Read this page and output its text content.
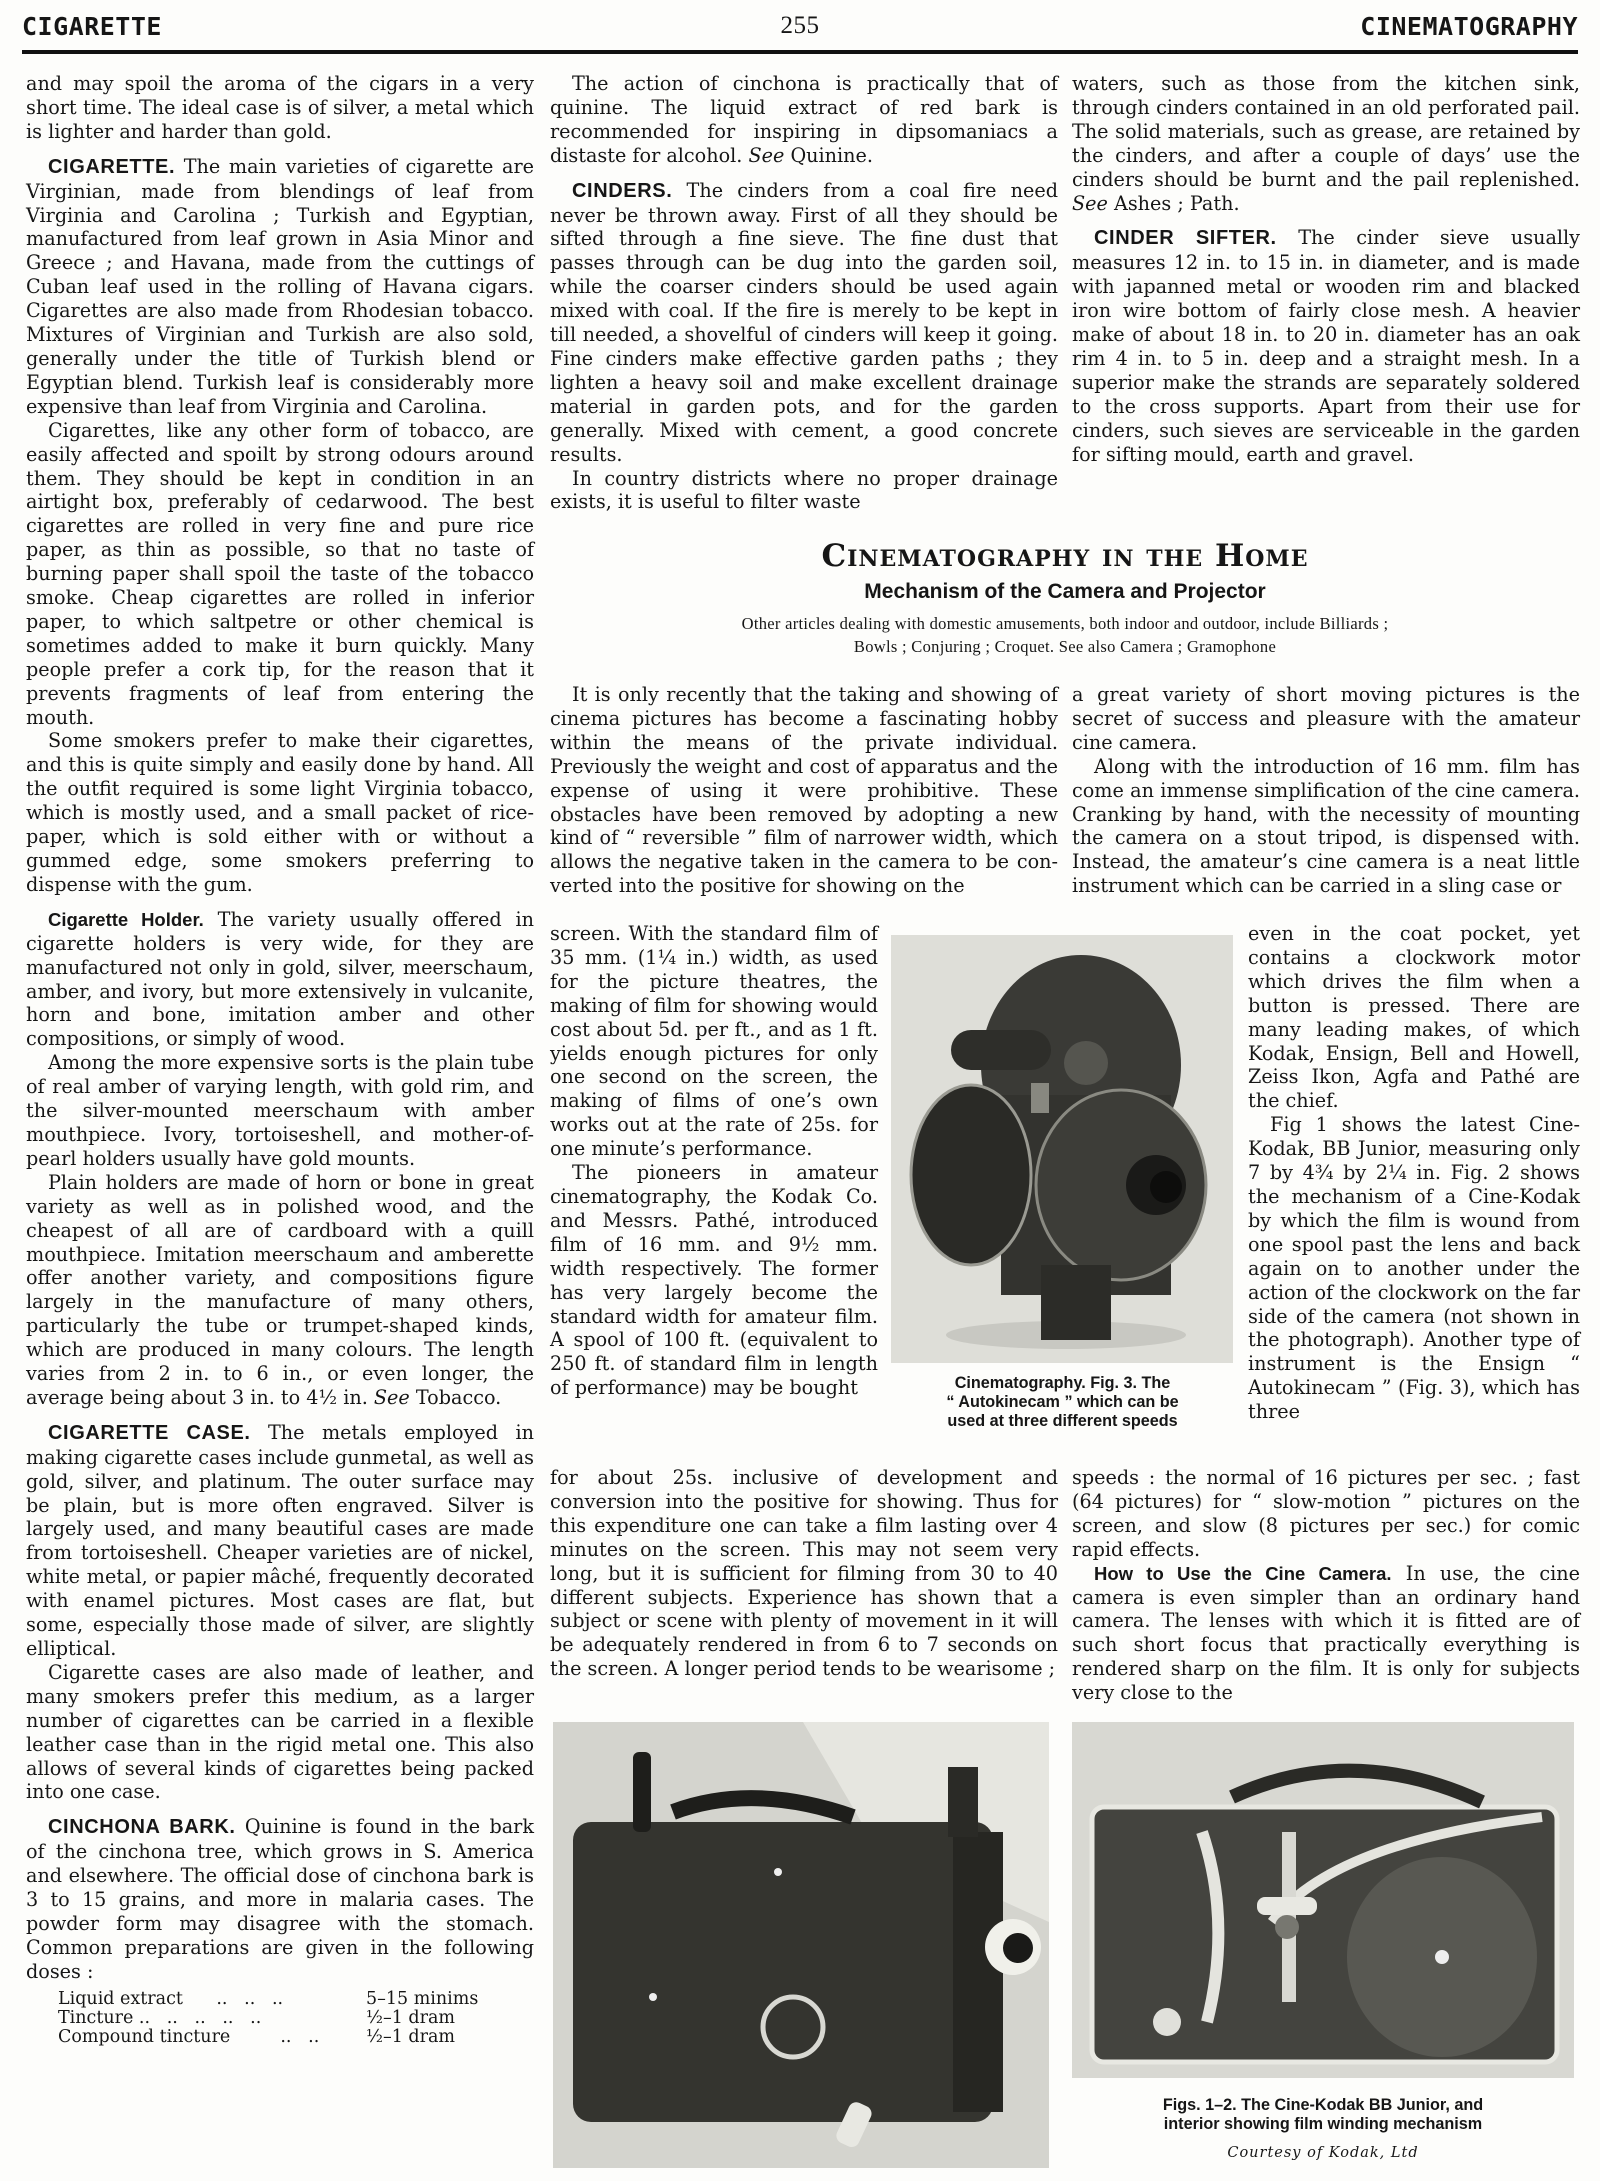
CIGARETTE	255	CINEMATOGRAPHY

and may spoil the aroma of the cigars in a very short time. The ideal case is of silver, a metal which is lighter and harder than gold.

CIGARETTE. The main varieties of cigarette are Virginian, made from blendings of leaf from Virginia and Carolina ; Turkish and Egyptian, manufactured from leaf grown in Asia Minor and Greece ; and Havana, made from the cuttings of Cuban leaf used in the rolling of Havana cigars. Cigarettes are also made from Rhodesian tobacco. Mixtures of Virginian and Turkish are also sold, generally under the title of Turkish blend or Egyptian blend. Turkish leaf is considerably more expensive than leaf from Virginia and Carolina.

Cigarettes, like any other form of tobacco, are easily affected and spoilt by strong odours around them. They should be kept in condition in an airtight box, preferably of cedarwood. The best cigarettes are rolled in very fine and pure rice paper, as thin as possible, so that no taste of burning paper shall spoil the taste of the tobacco smoke. Cheap cigarettes are rolled in inferior paper, to which saltpetre or other chemical is sometimes added to make it burn quickly. Many people prefer a cork tip, for the reason that it prevents fragments of leaf from entering the mouth.

Some smokers prefer to make their cigarettes, and this is quite simply and easily done by hand. All the outfit required is some light Virginia tobacco, which is mostly used, and a small packet of rice-paper, which is sold either with or without a gummed edge, some smokers preferring to dispense with the gum.

Cigarette Holder. The variety usually offered in cigarette holders is very wide, for they are manufactured not only in gold, silver, meerschaum, amber, and ivory, but more extensively in vulcanite, horn and bone, imitation amber and other compositions, or simply of wood.

Among the more expensive sorts is the plain tube of real amber of varying length, with gold rim, and the silver-mounted meerschaum with amber mouthpiece. Ivory, tortoiseshell, and mother-of-pearl holders usually have gold mounts.

Plain holders are made of horn or bone in great variety as well as in polished wood, and the cheapest of all are of cardboard with a quill mouthpiece. Imitation meerschaum and amberette offer another variety, and compositions figure largely in the manufacture of many others, particularly the tube or trumpet-shaped kinds, which are produced in many colours. The length varies from 2 in. to 6 in., or even longer, the average being about 3 in. to 4½ in. See Tobacco.

CIGARETTE CASE. The metals employed in making cigarette cases include gunmetal, as well as gold, silver, and platinum. The outer surface may be plain, but is more often engraved. Silver is largely used, and many beautiful cases are made from tortoiseshell. Cheaper varieties are of nickel, white metal, or papier mâché, frequently decorated with enamel pictures. Most cases are flat, but some, especially those made of silver, are slightly elliptical.

Cigarette cases are also made of leather, and many smokers prefer this medium, as a larger number of cigarettes can be carried in a flexible leather case than in the rigid metal one. This also allows of several kinds of cigarettes being packed into one case.

CINCHONA BARK. Quinine is found in the bark of the cinchona tree, which grows in S. America and elsewhere. The official dose of cinchona bark is 3 to 15 grains, and more in malaria cases. The powder form may disagree with the stomach. Common preparations are given in the following doses :

Liquid extract      ..   ..   ..	5–15 minims
Tincture ..   ..   ..   ..   ..	½–1 dram
Compound tincture         ..   ..	½–1 dram

The action of cinchona is practically that of quinine. The liquid extract of red bark is recommended for inspiring in dipsomaniacs a distaste for alcohol. See Quinine.

CINDERS. The cinders from a coal fire need never be thrown away. First of all they should be sifted through a fine sieve. The fine dust that passes through can be dug into the garden soil, while the coarser cinders should be used again mixed with coal. If the fire is merely to be kept in till needed, a shovelful of cinders will keep it going. Fine cinders make effective garden paths ; they lighten a heavy soil and make excellent drainage material in garden pots, and for the garden generally. Mixed with cement, a good concrete results.

In country districts where no proper drainage exists, it is useful to filter waste

waters, such as those from the kitchen sink, through cinders contained in an old perforated pail. The solid materials, such as grease, are retained by the cinders, and after a couple of days’ use the cinders should be burnt and the pail replenished. See Ashes ; Path.

CINDER SIFTER. The cinder sieve usually measures 12 in. to 15 in. in diameter, and is made with japanned metal or wooden rim and blacked iron wire bottom of fairly close mesh. A heavier make of about 18 in. to 20 in. diameter has an oak rim 4 in. to 5 in. deep and a straight mesh. In a superior make the strands are separately soldered to the cross supports. Apart from their use for cinders, such sieves are serviceable in the garden for sifting mould, earth and gravel.

Cinematography in the Home
Mechanism of the Camera and Projector
Other articles dealing with domestic amusements, both indoor and outdoor, include Billiards ;
Bowls ; Conjuring ; Croquet. See also Camera ; Gramophone

It is only recently that the taking and showing of cinema pictures has become a fascinating hobby within the means of the private individual. Previously the weight and cost of apparatus and the expense of using it were prohibitive. These obstacles have been removed by adopting a new kind of “ reversible ” film of narrower width, which allows the negative taken in the camera to be converted into the positive for showing on the

screen. With the standard film of 35 mm. (1¼ in.) width, as used for the picture theatres, the making of film for showing would cost about 5d. per ft., and as 1 ft. yields enough pictures for only one second on the screen, the making of films of one’s own works out at the rate of 25s. for one minute’s performance.

The pioneers in amateur cinematography, the Kodak Co. and Messrs. Pathé, introduced film of 16 mm. and 9½ mm. width respectively. The former has very largely become the standard width for amateur film. A spool of 100 ft. (equivalent to 250 ft. of standard film in length of performance) may be bought

for about 25s. inclusive of development and conversion into the positive for showing. Thus for this expenditure one can take a film lasting over 4 minutes on the screen. This may not seem very long, but it is sufficient for filming from 30 to 40 different subjects. Experience has shown that a subject or scene with plenty of movement in it will be adequately rendered in from 6 to 7 seconds on the screen. A longer period tends to be wearisome ;

a great variety of short moving pictures is the secret of success and pleasure with the amateur cine camera.

Along with the introduction of 16 mm. film has come an immense simplification of the cine camera. Cranking by hand, with the necessity of mounting the camera on a stout tripod, is dispensed with. Instead, the amateur’s cine camera is a neat little instrument which can be carried in a sling case or

even in the coat pocket, yet contains a clockwork motor which drives the film when a button is pressed. There are many leading makes, of which Kodak, Ensign, Bell and Howell, Zeiss Ikon, Agfa and Pathé are the chief.

Fig 1 shows the latest Cine-Kodak, BB Junior, measuring only 7 by 4¾ by 2¼ in. Fig. 2 shows the mechanism of a Cine-Kodak by which the film is wound from one spool past the lens and back again on to another under the action of the clockwork on the far side of the camera (not shown in the photograph). Another type of instrument is the Ensign “ Autokinecam ” (Fig. 3), which has three

speeds : the normal of 16 pictures per sec. ; fast (64 pictures) for “ slow-motion ” pictures on the screen, and slow (8 pictures per sec.) for comic rapid effects.

How to Use the Cine Camera. In use, the cine camera is even simpler than an ordinary hand camera. The lenses with which it is fitted are of such short focus that practically everything is rendered sharp on the film. It is only for subjects very close to the

Cinematography. Fig. 3. The
“ Autokinecam ” which can be
used at three different speeds
Figs. 1–2. The Cine-Kodak BB Junior, and
interior showing film winding mechanism
Courtesy of Kodak, Ltd
